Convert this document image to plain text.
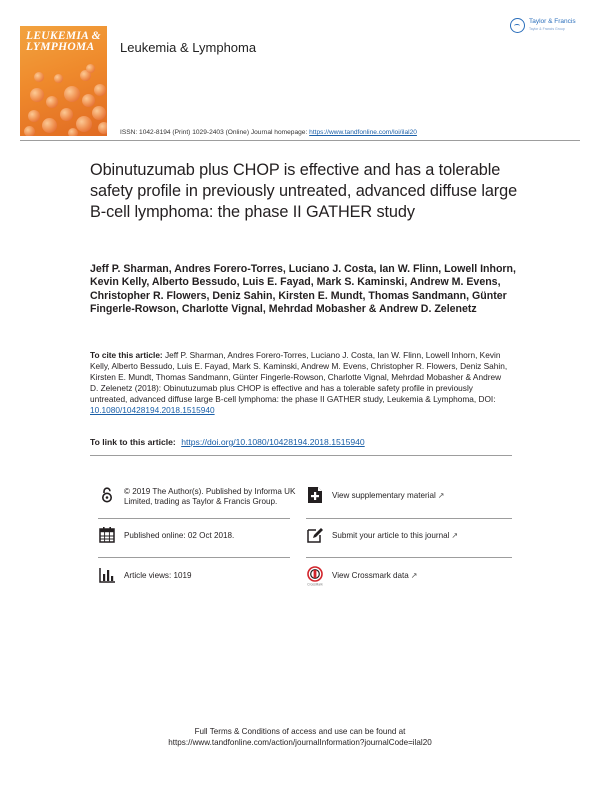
LEUKEMIA & LYMPHOMA	Leukemia & Lymphoma
Taylor & Francis
Taylor & Francis Group
ISSN: 1042-8194 (Print) 1029-2403 (Online) Journal homepage: https://www.tandfonline.com/loi/ilal20
Obinutuzumab plus CHOP is effective and has a tolerable safety profile in previously untreated, advanced diffuse large B-cell lymphoma: the phase II GATHER study
Jeff P. Sharman, Andres Forero-Torres, Luciano J. Costa, Ian W. Flinn, Lowell Inhorn, Kevin Kelly, Alberto Bessudo, Luis E. Fayad, Mark S. Kaminski, Andrew M. Evens, Christopher R. Flowers, Deniz Sahin, Kirsten E. Mundt, Thomas Sandmann, Günter Fingerle-Rowson, Charlotte Vignal, Mehrdad Mobasher & Andrew D. Zelenetz
To cite this article: Jeff P. Sharman, Andres Forero-Torres, Luciano J. Costa, Ian W. Flinn, Lowell Inhorn, Kevin Kelly, Alberto Bessudo, Luis E. Fayad, Mark S. Kaminski, Andrew M. Evens, Christopher R. Flowers, Deniz Sahin, Kirsten E. Mundt, Thomas Sandmann, Günter Fingerle-Rowson, Charlotte Vignal, Mehrdad Mobasher & Andrew D. Zelenetz (2018): Obinutuzumab plus CHOP is effective and has a tolerable safety profile in previously untreated, advanced diffuse large B-cell lymphoma: the phase II GATHER study, Leukemia & Lymphoma, DOI: 10.1080/10428194.2018.1515940
To link to this article: https://doi.org/10.1080/10428194.2018.1515940
© 2019 The Author(s). Published by Informa UK Limited, trading as Taylor & Francis Group.
View supplementary material ↗
Published online: 02 Oct 2018.	Submit your article to this journal ↗
Article views: 1019
CrossMark
View Crossmark data ↗
Full Terms & Conditions of access and use can be found at
https://www.tandfonline.com/action/journalInformation?journalCode=ilal20
